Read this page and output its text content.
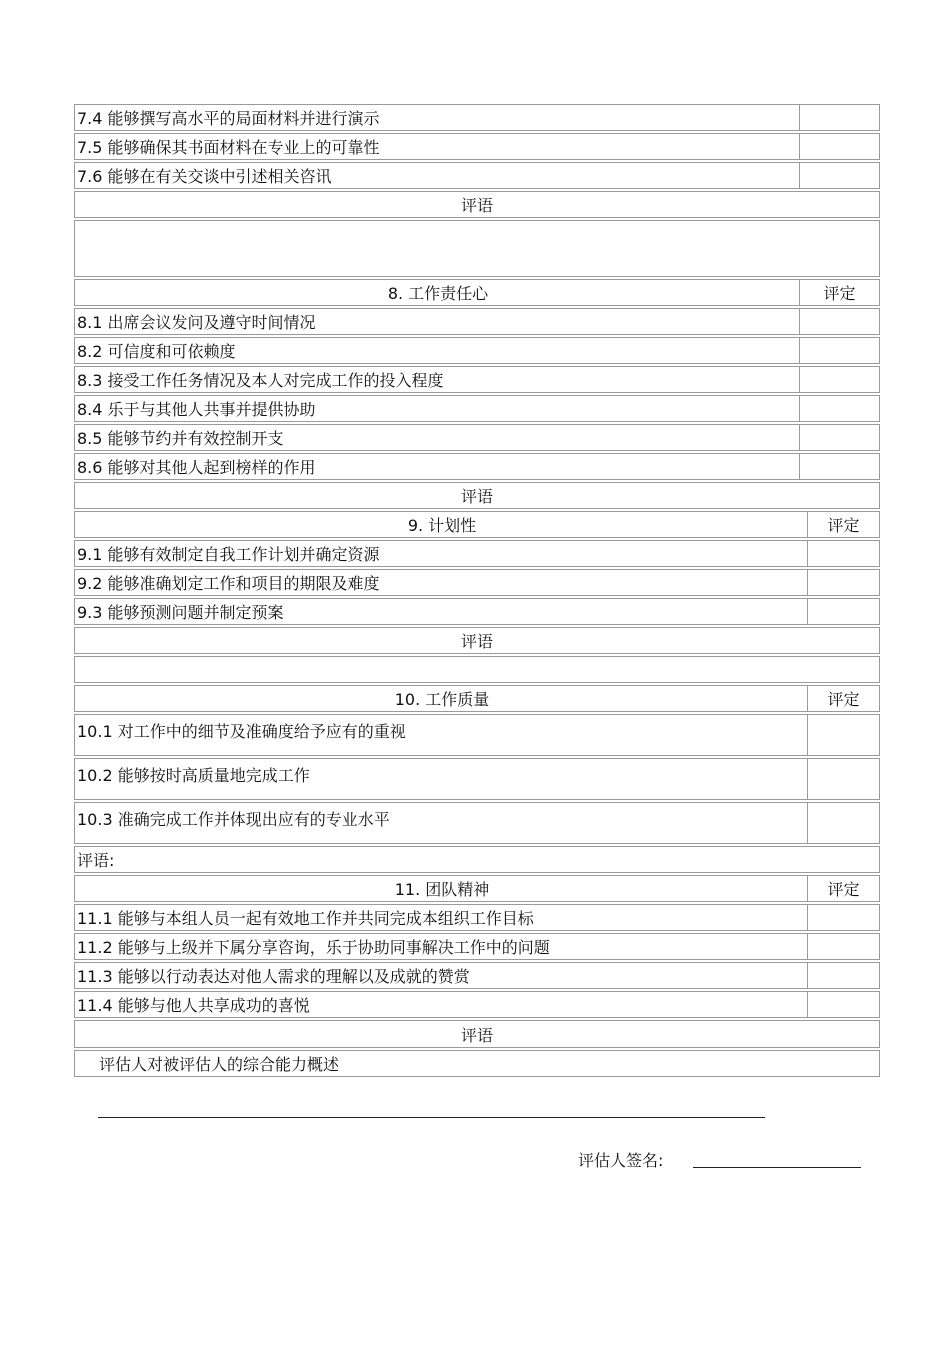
7.4 能够撰写高水平的局面材料并进行演示
7.5 能够确保其书面材料在专业上的可靠性
7.6 能够在有关交谈中引述相关咨讯
评语
8. 工作责任心	评定
8.1 出席会议发问及遵守时间情况
8.2 可信度和可依赖度
8.3 接受工作任务情况及本人对完成工作的投入程度
8.4 乐于与其他人共事并提供协助
8.5 能够节约并有效控制开支
8.6 能够对其他人起到榜样的作用
评语
9. 计划性	评定
9.1 能够有效制定自我工作计划并确定资源
9.2 能够准确划定工作和项目的期限及难度
9.3 能够预测问题并制定预案
评语
10. 工作质量	评定
10.1 对工作中的细节及准确度给予应有的重视
10.2 能够按时高质量地完成工作
10.3 准确完成工作并体现出应有的专业水平
评语:
11. 团队精神	评定
11.1 能够与本组人员一起有效地工作并共同完成本组织工作目标
11.2 能够与上级并下属分享咨询，乐于协助同事解决工作中的问题
11.3 能够以行动表达对他人需求的理解以及成就的赞赏
11.4 能够与他人共享成功的喜悦
评语
评估人对被评估人的综合能力概述
评估人签名:
